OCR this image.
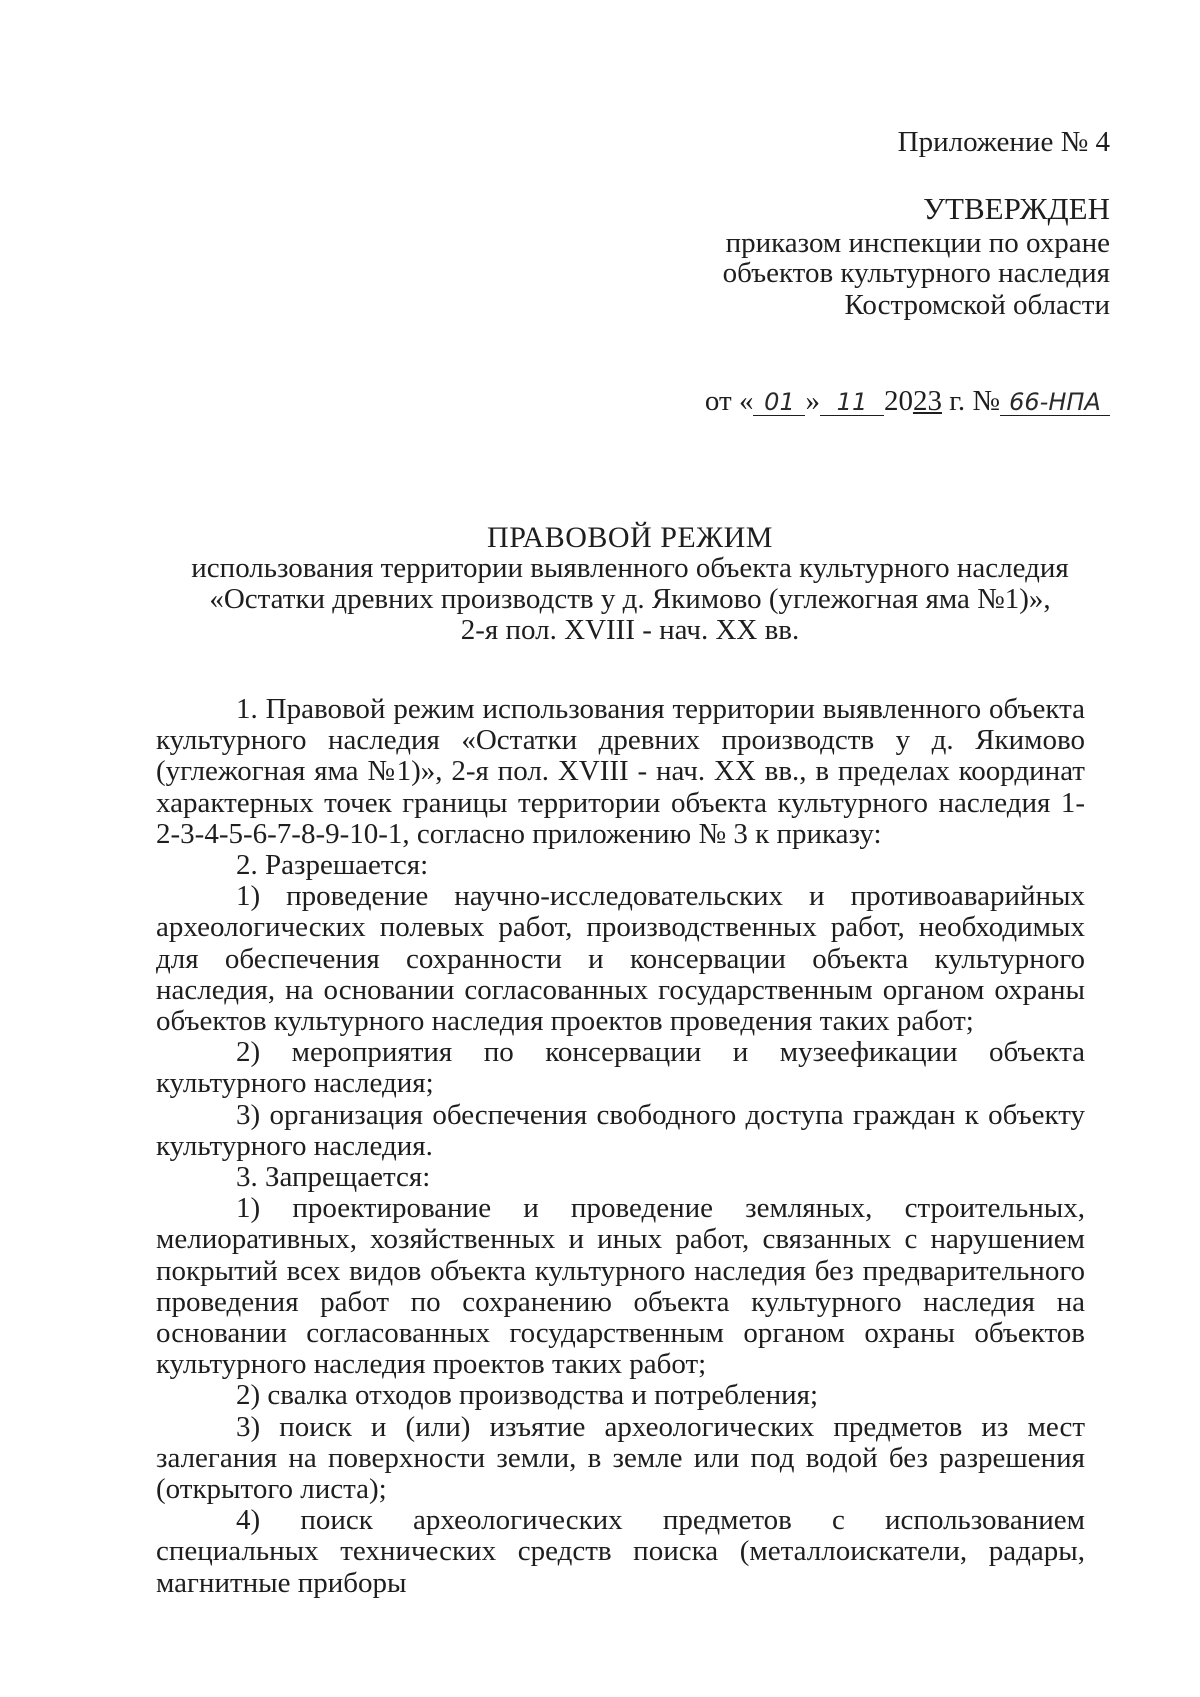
Приложение № 4
УТВЕРЖДЕН
приказом инспекции по охране
объектов культурного наследия
Костромской области
от « 01 » 11 2023 г. № 66-НПА
ПРАВОВОЙ РЕЖИМ
использования территории выявленного объекта культурного наследия
«Остатки древних производств у д. Якимово (углежогная яма №1)»,
2-я пол. XVIII - нач. XX вв.

1. Правовой режим использования территории выявленного объекта культурного наследия «Остатки древних производств у д. Якимово (углежогная яма №1)», 2-я пол. XVIII - нач. XX вв., в пределах координат характерных точек границы территории объекта культурного наследия 1-2-3-4-5-6-7-8-9-10-1, согласно приложению № 3 к приказу:

2. Разрешается:

1) проведение научно-исследовательских и противоаварийных археологических полевых работ, производственных работ, необходимых для обеспечения сохранности и консервации объекта культурного наследия, на основании согласованных государственным органом охраны объектов культурного наследия проектов проведения таких работ;

2) мероприятия по консервации и музеефикации объекта культурного наследия;

3) организация обеспечения свободного доступа граждан к объекту культурного наследия.

3. Запрещается:

1) проектирование и проведение земляных, строительных, мелиоративных, хозяйственных и иных работ, связанных с нарушением покрытий всех видов объекта культурного наследия без предварительного проведения работ по сохранению объекта культурного наследия на основании согласованных государственным органом охраны объектов культурного наследия проектов таких работ;

2) свалка отходов производства и потребления;

3) поиск и (или) изъятие археологических предметов из мест залегания на поверхности земли, в земле или под водой без разрешения (открытого листа);

4) поиск археологических предметов с использованием специальных технических средств поиска (металлоискатели, радары, магнитные приборы
